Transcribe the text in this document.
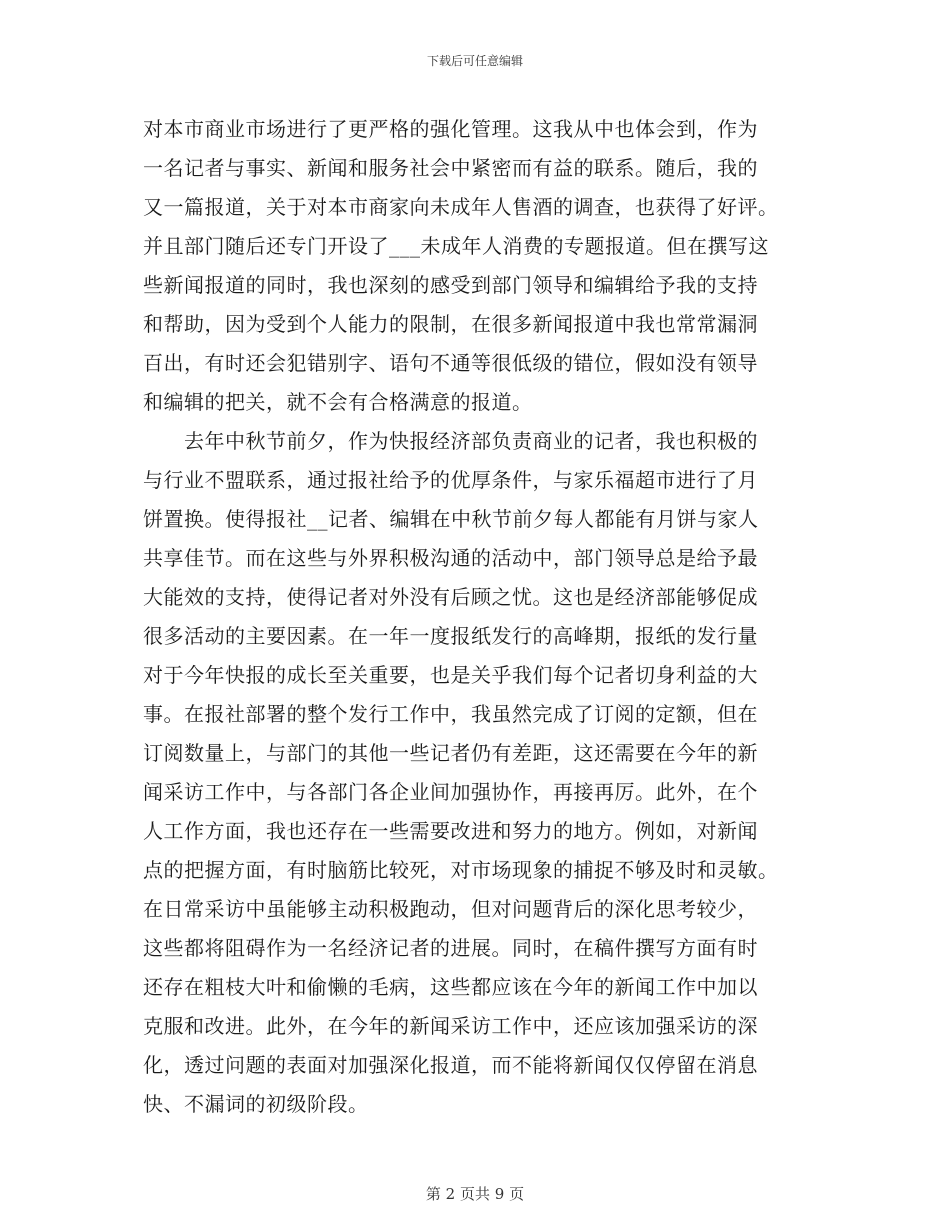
下载后可任意编辑
对本市商业市场进行了更严格的强化管理。这我从中也体会到，作为
一名记者与事实、新闻和服务社会中紧密而有益的联系。随后，我的
又一篇报道，关于对本市商家向未成年人售酒的调查，也获得了好评。
并且部门随后还专门开设了___未成年人消费的专题报道。但在撰写这
些新闻报道的同时，我也深刻的感受到部门领导和编辑给予我的支持
和帮助，因为受到个人能力的限制，在很多新闻报道中我也常常漏洞
百出，有时还会犯错别字、语句不通等很低级的错位，假如没有领导
和编辑的把关，就不会有合格满意的报道。
　　去年中秋节前夕，作为快报经济部负责商业的记者，我也积极的
与行业不盟联系，通过报社给予的优厚条件，与家乐福超市进行了月
饼置换。使得报社__记者、编辑在中秋节前夕每人都能有月饼与家人
共享佳节。而在这些与外界积极沟通的活动中，部门领导总是给予最
大能效的支持，使得记者对外没有后顾之忧。这也是经济部能够促成
很多活动的主要因素。在一年一度报纸发行的高峰期，报纸的发行量
对于今年快报的成长至关重要，也是关乎我们每个记者切身利益的大
事。在报社部署的整个发行工作中，我虽然完成了订阅的定额，但在
订阅数量上，与部门的其他一些记者仍有差距，这还需要在今年的新
闻采访工作中，与各部门各企业间加强协作，再接再厉。此外，在个
人工作方面，我也还存在一些需要改进和努力的地方。例如，对新闻
点的把握方面，有时脑筋比较死，对市场现象的捕捉不够及时和灵敏。
在日常采访中虽能够主动积极跑动，但对问题背后的深化思考较少，
这些都将阻碍作为一名经济记者的进展。同时，在稿件撰写方面有时
还存在粗枝大叶和偷懒的毛病，这些都应该在今年的新闻工作中加以
克服和改进。此外，在今年的新闻采访工作中，还应该加强采访的深
化，透过问题的表面对加强深化报道，而不能将新闻仅仅停留在消息
快、不漏词的初级阶段。
第 2 页共 9 页
